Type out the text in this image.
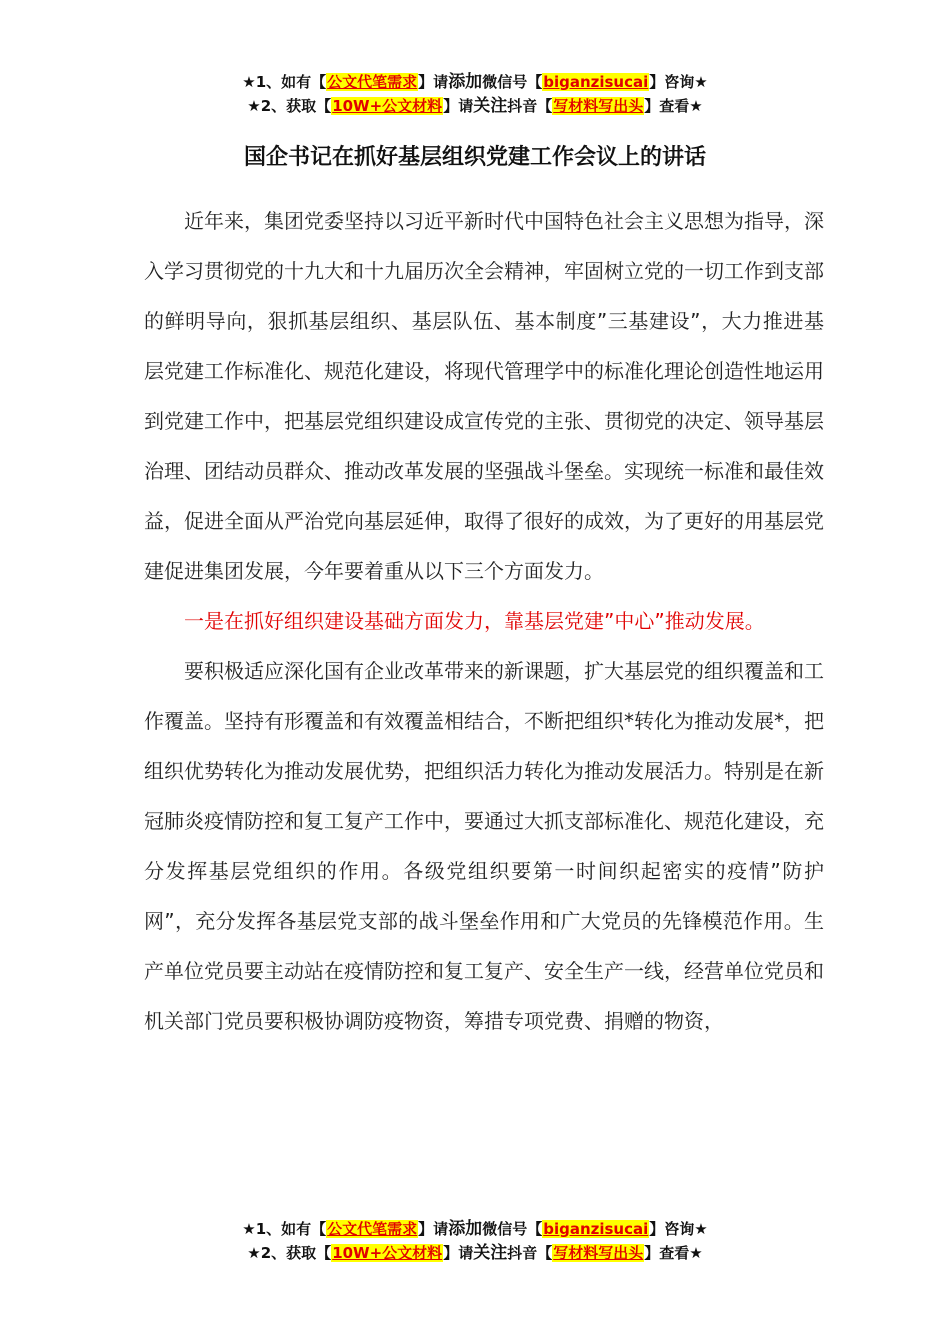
★1、如有【公文代笔需求】请添加微信号【biganzisucai】咨询★
★2、获取【10W+公文材料】请关注抖音【写材料写出头】查看★
国企书记在抓好基层组织党建工作会议上的讲话

近年来，集团党委坚持以习近平新时代中国特色社会主义思想为指导，深入学习贯彻党的十九大和十九届历次全会精神，牢固树立党的一切工作到支部的鲜明导向，狠抓基层组织、基层队伍、基本制度”三基建设”，大力推进基层党建工作标准化、规范化建设，将现代管理学中的标准化理论创造性地运用到党建工作中，把基层党组织建设成宣传党的主张、贯彻党的决定、领导基层治理、团结动员群众、推动改革发展的坚强战斗堡垒。实现统一标准和最佳效益，促进全面从严治党向基层延伸，取得了很好的成效，为了更好的用基层党建促进集团发展，今年要着重从以下三个方面发力。

一是在抓好组织建设基础方面发力，靠基层党建”中心”推动发展。

要积极适应深化国有企业改革带来的新课题，扩大基层党的组织覆盖和工作覆盖。坚持有形覆盖和有效覆盖相结合，不断把组织*转化为推动发展*，把组织优势转化为推动发展优势，把组织活力转化为推动发展活力。特别是在新冠肺炎疫情防控和复工复产工作中，要通过大抓支部标准化、规范化建设，充分发挥基层党组织的作用。各级党组织要第一时间织起密实的疫情”防护网”，充分发挥各基层党支部的战斗堡垒作用和广大党员的先锋模范作用。生产单位党员要主动站在疫情防控和复工复产、安全生产一线，经营单位党员和机关部门党员要积极协调防疫物资，筹措专项党费、捐赠的物资，

★1、如有【公文代笔需求】请添加微信号【biganzisucai】咨询★
★2、获取【10W+公文材料】请关注抖音【写材料写出头】查看★
